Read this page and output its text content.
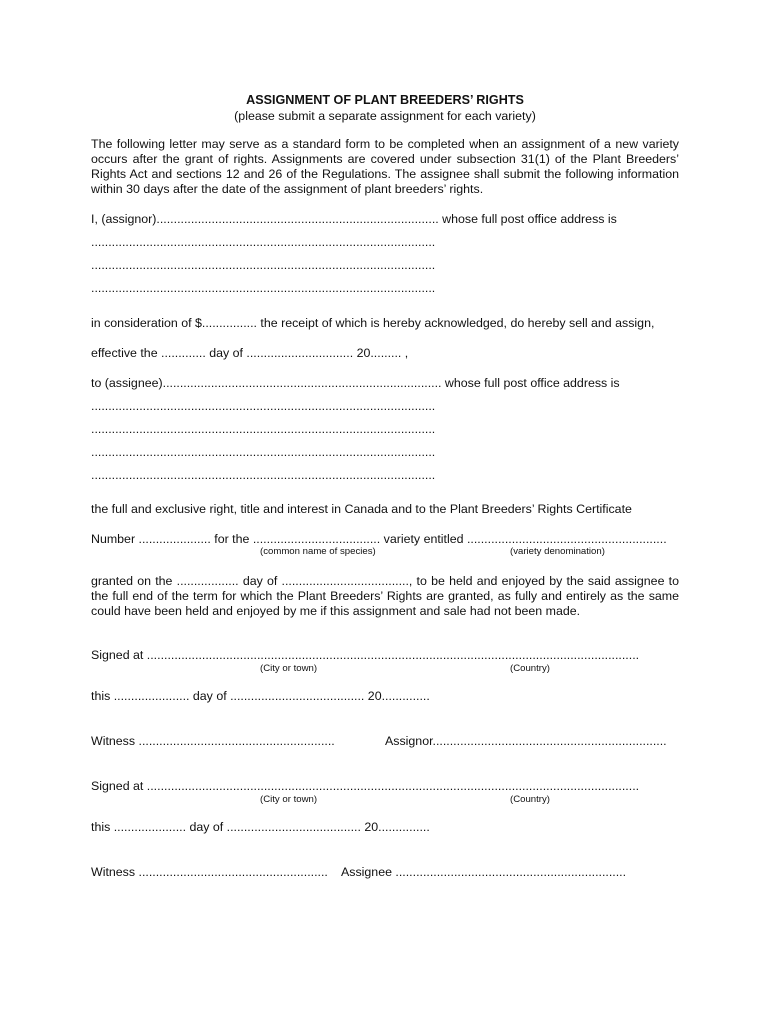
ASSIGNMENT OF PLANT BREEDERS’ RIGHTS
(please submit a separate assignment for each variety)
The following letter may serve as a standard form to be completed when an assignment of a new variety occurs after the grant of rights. Assignments are covered under subsection 31(1) of the Plant Breeders’ Rights Act and sections 12 and 26 of the Regulations. The assignee shall submit the following information within 30 days after the date of the assignment of plant breeders’ rights.
I, (assignor).................................................................................. whose full post office address is
....................................................................................................
....................................................................................................
....................................................................................................
in consideration of $................ the receipt of which is hereby acknowledged, do hereby sell and assign,
effective the ............. day of ............................... 20......... ,
to (assignee)................................................................................. whose full post office address is
....................................................................................................
....................................................................................................
....................................................................................................
....................................................................................................
the full and exclusive right, title and interest in Canada and to the Plant Breeders’ Rights Certificate
Number ..................... for the ..................................... variety entitled ..........................................................
(common name of species)	(variety denomination)
granted on the .................. day of ....................................., to be held and enjoyed by the said assignee to the full end of the term for which the Plant Breeders’ Rights are granted, as fully and entirely as the same could have been held and enjoyed by me if this assignment and sale had not been made.
Signed at ...............................................................................................................................................
(City or town)	(Country)
this ...................... day of ....................................... 20..............
Witness .........................................................	Assignor....................................................................
Signed at ...............................................................................................................................................
(City or town)	(Country)
this ..................... day of ....................................... 20...............
Witness ....................................................... Assignee ...................................................................
